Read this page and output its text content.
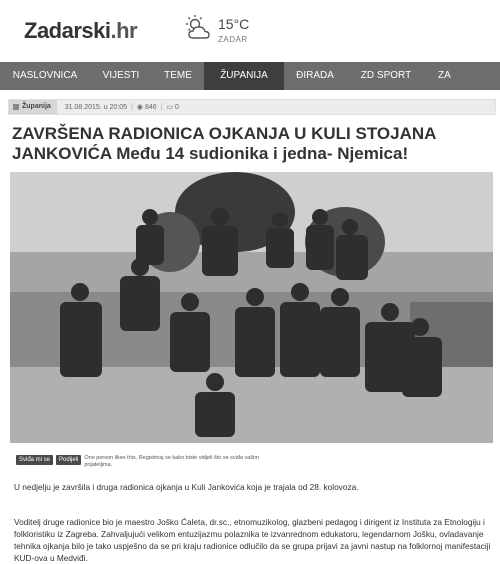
Zadarski.hr	15°C
ZADAR
NASLOVNICA	VIJESTI	TEME	ŽUPANIJA	ÐIRADA	ZD SPORT	ZA
Županija 31.08.2015. u 20:05 | ◉
846 | ▭
0
ZAVRŠENA RADIONICA OJKANJA U KULI STOJANA JANKOVIĆA Među 14 sudionika i jedna- Njemica!
Sviđa mi se	Podijeli	One person likes this. Registriraj se kako biste vidjeli što se sviđa vašim prijateljima.

U nedjelju je završila i druga radionica ojkanja u Kuli Jankovića koja je trajala od 28. kolovoza.

Voditelj druge radionice bio je maestro Joško Ćaleta, dr.sc., etnomuzikolog, glazbeni pedagog i dirigent iz Instituta za Etnologiju i folkloristiku iz Zagreba. Zahvaljujući velikom entuzijazmu polaznika te izvanrednom edukatoru, legendarnom Jošku, ovladavanje tehnika ojkanja bilo je tako uspješno da se pri kraju radionice odlučilo da se grupa prijavi za javni nastup na folklornoj manifestaciji KUD-ova u Medviđi.
